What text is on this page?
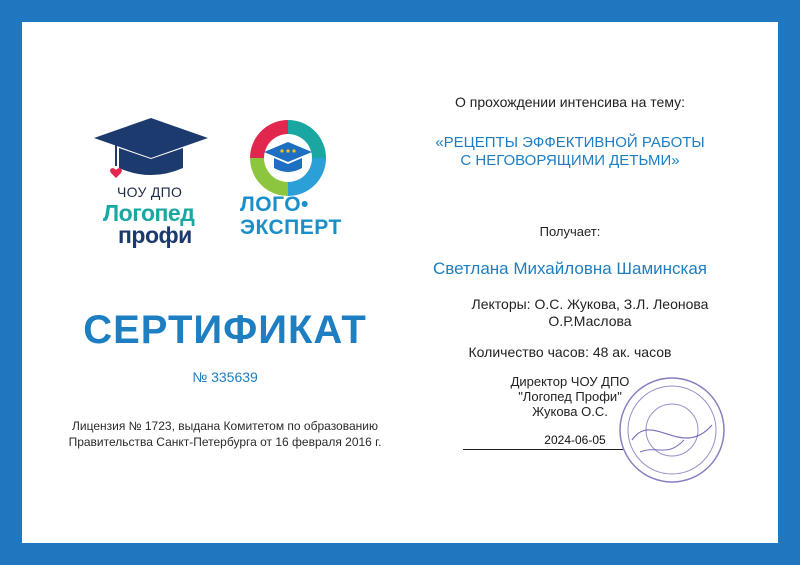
ЧОУ ДПО
Логопед
профи
ЛОГО•
ЭКСПЕРТ
СЕРТИФИКАТ
№ 335639
Лицензия № 1723, выдана Комитетом по образованию
Правительства Санкт-Петербурга от 16 февраля 2016 г.
О прохождении интенсива на тему:
«РЕЦЕПТЫ ЭФФЕКТИВНОЙ РАБОТЫ
С НЕГОВОРЯЩИМИ ДЕТЬМИ»
Получает:
Светлана Михайловна Шаминская
Лекторы: О.С. Жукова, З.Л. Леонова
О.Р.Маслова
Количество часов: 48 ак. часов
Директор ЧОУ ДПО
"Логопед Профи"
Жукова О.С.
2024-06-05
